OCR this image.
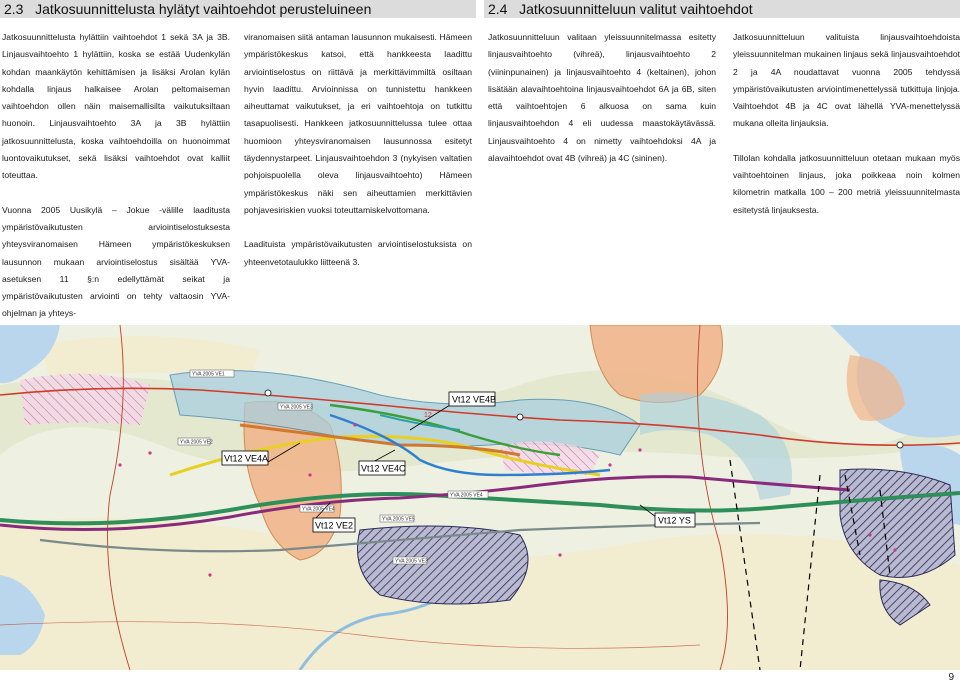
2.3 Jatkosuunnittelusta hylätyt vaihtoehdot perusteluineen	2.4 Jatkosuunnitteluun valitut vaihtoehdot

Jatkosuunnittelusta hylättiin vaihtoehdot 1 sekä 3A ja 3B. Linjausvaihtoehto 1 hylättiin, koska se estää Uudenkylän kohdan maankäytön kehittämisen ja lisäksi Arolan kylän kohdalla linjaus halkaisee Arolan peltomaiseman vaihtoehdon ollen näin maisemallisilta vaikutuksiltaan huonoin. Linjausvaihtoehto 3A ja 3B hylättiin jatkosuunnittelusta, koska vaihtoehdoilla on huonoimmat luontovaikutukset, sekä lisäksi vaihtoehdot ovat kalliit toteuttaa.

Vuonna 2005 Uusikylä – Jokue -välille laaditusta ympäristövaikutusten arviointiselostuksesta yhteysviranomaisen Hämeen ympäristökeskuksen lausunnon mukaan arviointiselostus sisältää YVA-asetuksen 11 §:n edellyttämät seikat ja ympäristövaikutusten arviointi on tehty valtaosin YVA-ohjelman ja yhteys-

viranomaisen siitä antaman lausunnon mukaisesti. Hämeen ympäristökeskus katsoi, että hankkeesta laadittu arviointiselostus on riittävä ja merkittävimmiltä osiltaan hyvin laadittu. Arvioinnissa on tunnistettu hankkeen aiheuttamat vaikutukset, ja eri vaihtoehtoja on tutkittu tasapuolisesti. Hankkeen jatkosuunnittelussa tulee ottaa huomioon yhteysviranomaisen lausunnossa esitetyt täydennystarpeet. Linjausvaihtoehdon 3 (nykyisen valtatien pohjoispuolella oleva linjausvaihtoehto) Hämeen ympäristökeskus näki sen aiheuttamien merkittävien pohjavesiriskien vuoksi toteuttamiskelvottomana.

Laadituista ympäristövaikutusten arviointiselostuksista on yhteenvetotaulukko liitteenä 3.

Jatkosuunnitteluun valitaan yleissuunnitelmassa esitetty linjausvaihtoehto (vihreä), linjausvaihtoehto 2 (viininpunainen) ja linjausvaihtoehto 4 (keltainen), johon lisätään alavaihtoehtoina linjausvaihtoehdot 6A ja 6B, siten että vaihtoehtojen 6 alkuosa on sama kuin linjausvaihtoehdon 4 eli uudessa maastokäytävässä. Linjausvaihtoehto 4 on nimetty vaihtoehdoksi 4A ja alavaihtoehdot ovat 4B (vihreä) ja 4C (sininen).

Jatkosuunnitteluun valituista linjausvaihtoehdoista yleissuunnitelman mukainen linjaus sekä linjausvaihtoehdot 2 ja 4A noudattavat vuonna 2005 tehdyssä ympäristövaikutusten arviointimenettelyssä tutkittuja linjoja. Vaihtoehdot 4B ja 4C ovat lähellä YVA-menettelyssä mukana olleita linjauksia.

Tillolan kohdalla jatkosuunnitteluun otetaan mukaan myös vaihtoehtoinen linjaus, joka poikkeaa noin kolmen kilometrin matkalla 100 – 200 metriä yleissuunnitelmasta esitetystä linjauksesta.

12
YVA 2005 VE1
YVA 2005 VE2
YVA 2005 VE3
YVA 2005 VE4
YVA 2005 VE5
YVA 2005 VE4
YVA 2005 VE3
Vt12 VE4B
Vt12 VE4A
Vt12 VE4C
Vt12 VE2	Vt12 YS
9
